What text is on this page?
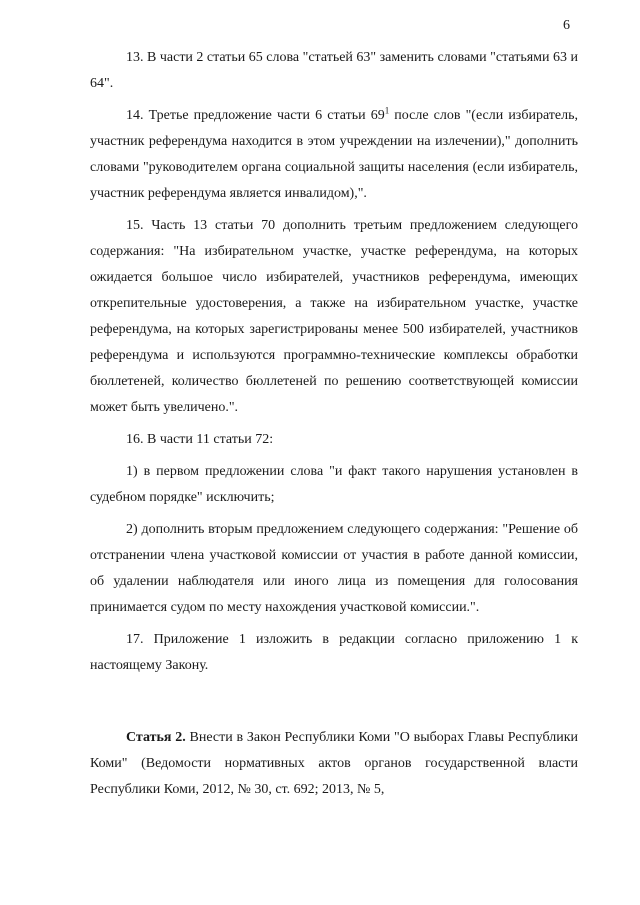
6

13. В части 2 статьи 65 слова "статьей 63" заменить словами "статьями 63 и 64".

14. Третье предложение части 6 статьи $69^1$ после слов "(если избиратель, участник референдума находится в этом учреждении на излечении)," дополнить словами "руководителем органа социальной защиты населения (если избиратель, участник референдума является инвалидом),".

15. Часть 13 статьи 70 дополнить третьим предложением следующего содержания: "На избирательном участке, участке референдума, на которых ожидается большое число избирателей, участников референдума, имеющих открепительные удостоверения, а также на избирательном участке, участке референдума, на которых зарегистрированы менее 500 избирателей, участников референдума и используются программно-технические комплексы обработки бюллетеней, количество бюллетеней по решению соответствующей комиссии может быть увеличено.".

16. В части 11 статьи 72:

1) в первом предложении слова "и факт такого нарушения установлен в судебном порядке" исключить;

2) дополнить вторым предложением следующего содержания: "Решение об отстранении члена участковой комиссии от участия в работе данной комиссии, об удалении наблюдателя или иного лица из помещения для голосования принимается судом по месту нахождения участковой комиссии.".

17. Приложение 1 изложить в редакции согласно приложению 1 к настоящему Закону.

Статья 2. Внести в Закон Республики Коми "О выборах Главы Республики Коми" (Ведомости нормативных актов органов государственной власти Республики Коми, 2012, № 30, ст. 692; 2013, № 5,
